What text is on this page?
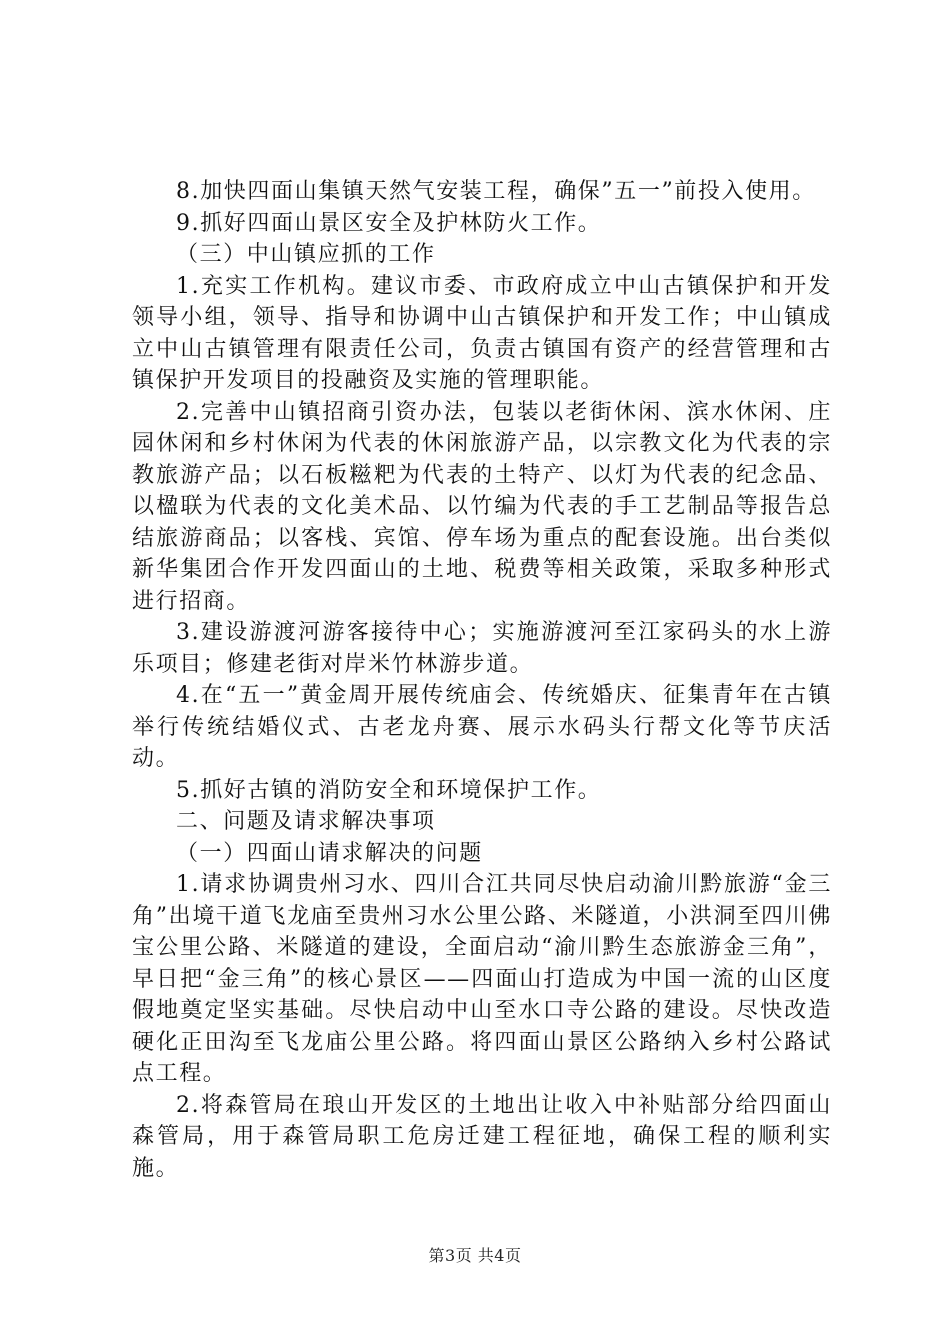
8.加快四面山集镇天然气安装工程，确保”五一”前投入使用。

9.抓好四面山景区安全及护林防火工作。

（三）中山镇应抓的工作

1.充实工作机构。建议市委、市政府成立中山古镇保护和开发领导小组，领导、指导和协调中山古镇保护和开发工作；中山镇成立中山古镇管理有限责任公司，负责古镇国有资产的经营管理和古镇保护开发项目的投融资及实施的管理职能。

2.完善中山镇招商引资办法，包装以老街休闲、滨水休闲、庄园休闲和乡村休闲为代表的休闲旅游产品，以宗教文化为代表的宗教旅游产品；以石板糍粑为代表的土特产、以灯为代表的纪念品、以楹联为代表的文化美术品、以竹编为代表的手工艺制品等报告总结旅游商品；以客栈、宾馆、停车场为重点的配套设施。出台类似新华集团合作开发四面山的土地、税费等相关政策，采取多种形式进行招商。

3.建设游渡河游客接待中心；实施游渡河至江家码头的水上游乐项目；修建老街对岸米竹林游步道。

4.在“五一”黄金周开展传统庙会、传统婚庆、征集青年在古镇举行传统结婚仪式、古老龙舟赛、展示水码头行帮文化等节庆活动。

5.抓好古镇的消防安全和环境保护工作。

二、问题及请求解决事项

（一）四面山请求解决的问题

1.请求协调贵州习水、四川合江共同尽快启动渝川黔旅游“金三角”出境干道飞龙庙至贵州习水公里公路、米隧道，小洪洞至四川佛宝公里公路、米隧道的建设，全面启动“渝川黔生态旅游金三角”，早日把“金三角”的核心景区——四面山打造成为中国一流的山区度假地奠定坚实基础。尽快启动中山至水口寺公路的建设。尽快改造硬化正田沟至飞龙庙公里公路。将四面山景区公路纳入乡村公路试点工程。

2.将森管局在琅山开发区的土地出让收入中补贴部分给四面山森管局，用于森管局职工危房迁建工程征地，确保工程的顺利实施。

第3页 共4页
